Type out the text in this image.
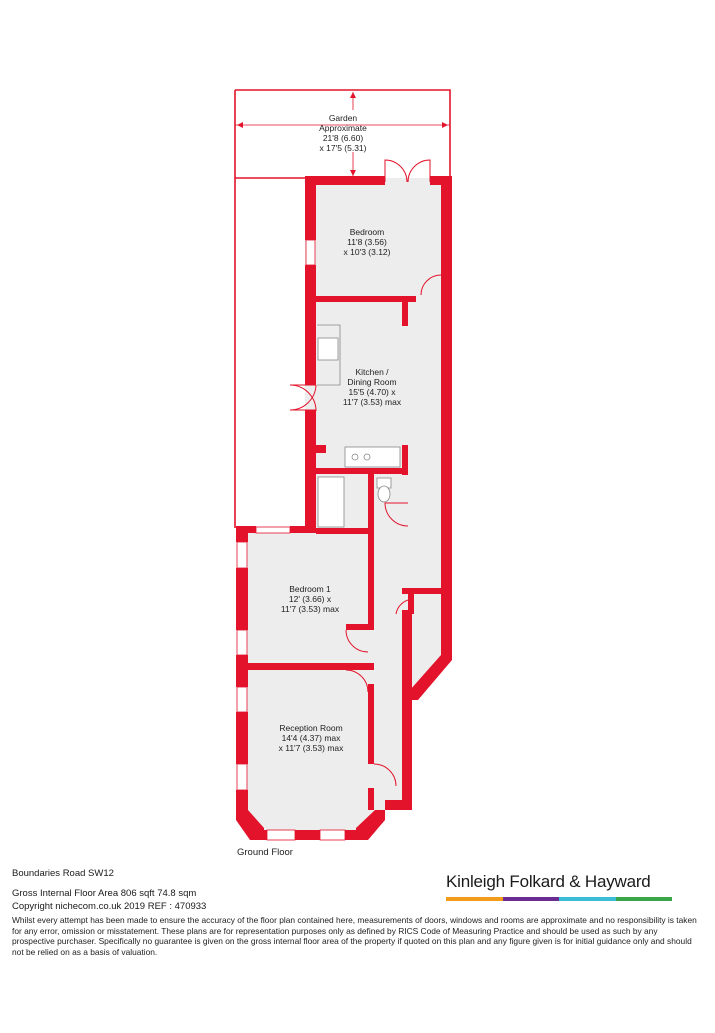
Garden
Approximate
21'8 (6.60)
x 17'5 (5.31)
Bedroom
11'8 (3.56)
x 10'3 (3.12)
Kitchen /
Dining Room
15'5 (4.70) x
11'7 (3.53) max
Bedroom 1
12' (3.66) x
11'7 (3.53) max
Reception Room
14'4 (4.37) max
x 11'7 (3.53) max
Ground Floor
Boundaries Road SW12
Gross Internal Floor Area 806 sqft 74.8 sqm
Copyright nichecom.co.uk 2019 REF : 470933
Kinleigh Folkard & Hayward
Whilst every attempt has been made to ensure the accuracy of the floor plan contained here, measurements of doors, windows and rooms are approximate and no responsibility is taken for any error, omission or misstatement. These plans are for representation purposes only as defined by RICS Code of Measuring Practice and should be used as such by any prospective purchaser. Specifically no guarantee is given on the gross internal floor area of the property if quoted on this plan and any figure given is for initial guidance only and should not be relied on as a basis of valuation.
